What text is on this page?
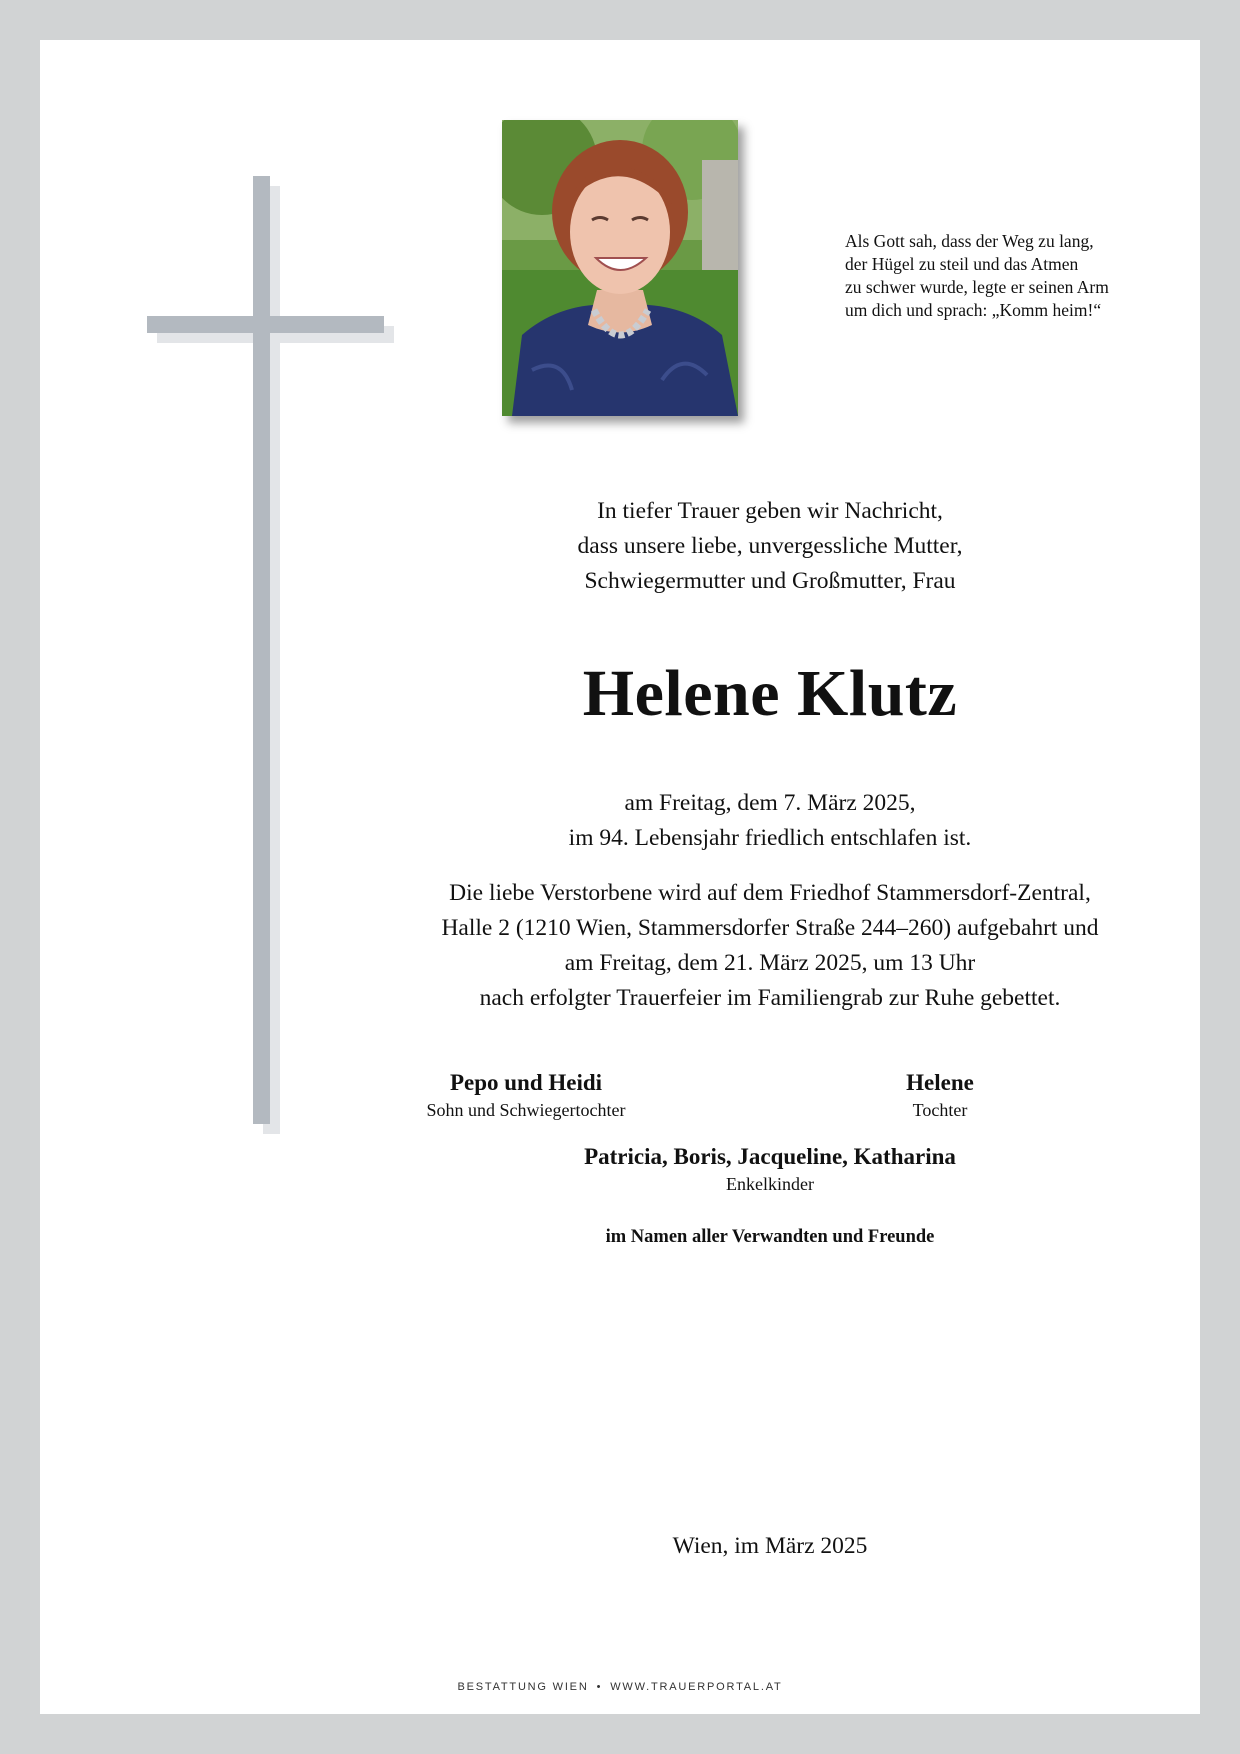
Als Gott sah, dass der Weg zu lang,
der Hügel zu steil und das Atmen
zu schwer wurde, legte er seinen Arm
um dich und sprach: „Komm heim!“
In tiefer Trauer geben wir Nachricht,
dass unsere liebe, unvergessliche Mutter,
Schwiegermutter und Großmutter, Frau
Helene Klutz
am Freitag, dem 7. März 2025,
im 94. Lebensjahr friedlich entschlafen ist.
Die liebe Verstorbene wird auf dem Friedhof Stammersdorf-Zentral,
Halle 2 (1210 Wien, Stammersdorfer Straße 244–260) aufgebahrt und
am Freitag, dem 21. März 2025, um 13 Uhr
nach erfolgter Trauerfeier im Familiengrab zur Ruhe gebettet.
Pepo und Heidi
Sohn und Schwiegertochter
Helene
Tochter
Patricia, Boris, Jacqueline, Katharina
Enkelkinder
im Namen aller Verwandten und Freunde
Wien, im März 2025
BESTATTUNG WIEN • WWW.TRAUERPORTAL.AT
